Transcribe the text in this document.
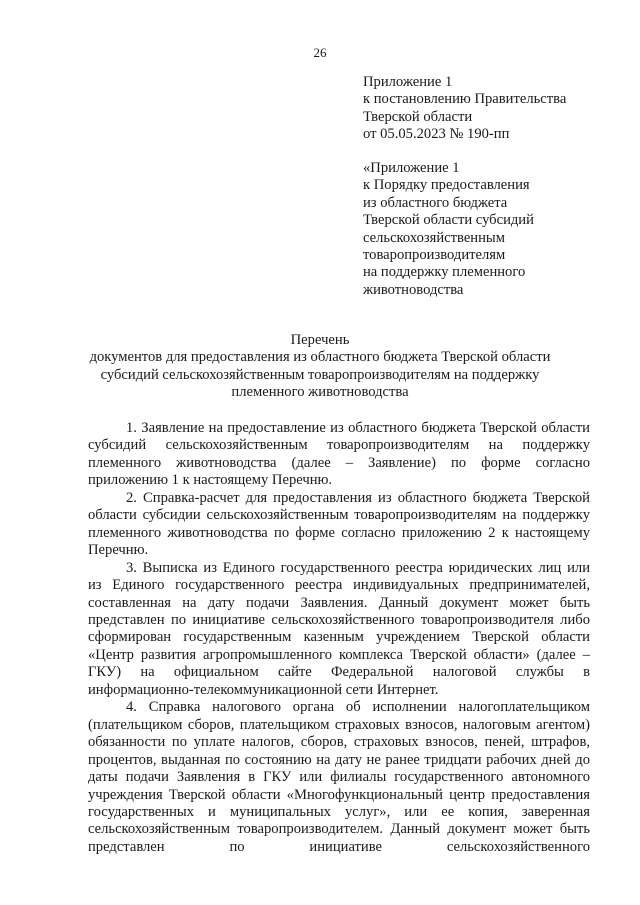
26
Приложение 1
к постановлению Правительства
Тверской области
от 05.05.2023 № 190-пп
«Приложение 1
к Порядку предоставления
из областного бюджета
Тверской области субсидий
сельскохозяйственным
товаропроизводителям
на поддержку племенного
животноводства
Перечень
документов для предоставления из областного бюджета Тверской области
субсидий сельскохозяйственным товаропроизводителям на поддержку
племенного животноводства

1. Заявление на предоставление из областного бюджета Тверской области субсидий сельскохозяйственным товаропроизводителям на поддержку племенного животноводства (далее – Заявление) по форме согласно приложению 1 к настоящему Перечню.

2. Справка-расчет для предоставления из областного бюджета Тверской области субсидии сельскохозяйственным товаропроизводителям на поддержку племенного животноводства по форме согласно приложению 2 к настоящему Перечню.

3. Выписка из Единого государственного реестра юридических лиц или из Единого государственного реестра индивидуальных предпринимателей, составленная на дату подачи Заявления. Данный документ может быть представлен по инициативе сельскохозяйственного товаропроизводителя либо сформирован государственным казенным учреждением Тверской области «Центр развития агропромышленного комплекса Тверской области» (далее – ГКУ) на официальном сайте Федеральной налоговой службы в информационно-телекоммуникационной сети Интернет.

4. Справка налогового органа об исполнении налогоплательщиком (плательщиком сборов, плательщиком страховых взносов, налоговым агентом) обязанности по уплате налогов, сборов, страховых взносов, пеней, штрафов, процентов, выданная по состоянию на дату не ранее тридцати рабочих дней до даты подачи Заявления в ГКУ или филиалы государственного автономного учреждения Тверской области «Многофункциональный центр предоставления государственных и муниципальных услуг», или ее копия, заверенная сельскохозяйственным товаропроизводителем. Данный документ может быть представлен по инициативе сельскохозяйственного
